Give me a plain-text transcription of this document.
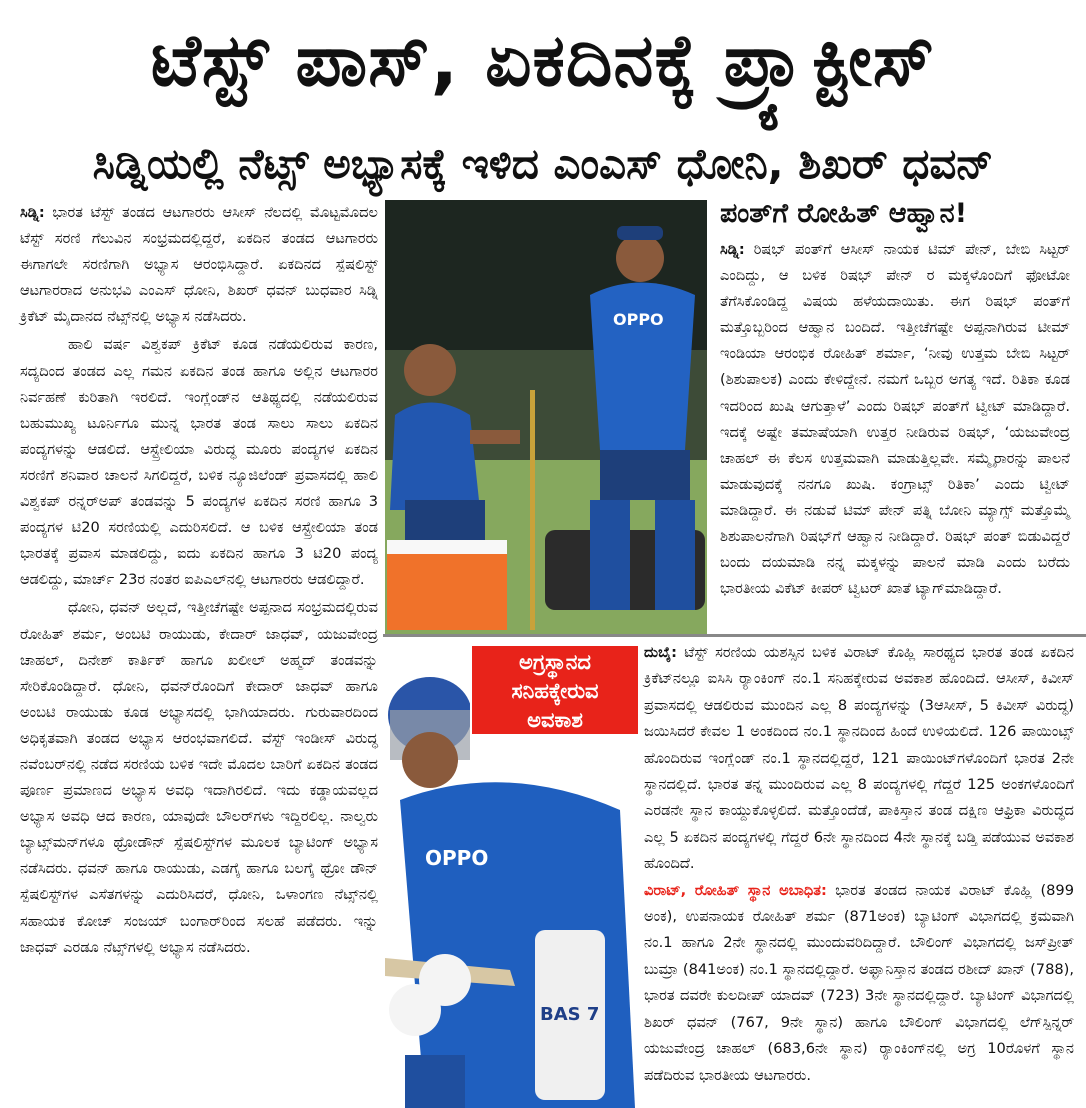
ಟೆಸ್ಟ್ ಪಾಸ್, ಏಕದಿನಕ್ಕೆ ಪ್ರ್ಯಾಕ್ಟೀಸ್
ಸಿಡ್ನಿಯಲ್ಲಿ ನೆಟ್ಸ್ ಅಭ್ಯಾಸಕ್ಕೆ ಇಳಿದ ಎಂಎಸ್ ಧೋನಿ, ಶಿಖರ್ ಧವನ್

ಸಿಡ್ನಿ: ಭಾರತ ಟೆಸ್ಟ್ ತಂಡದ ಆಟಗಾರರು ಆಸೀಸ್ ನೆಲದಲ್ಲಿ ಮೊಟ್ಟಮೊದಲ ಟೆಸ್ಟ್ ಸರಣಿ ಗೆಲುವಿನ ಸಂಭ್ರಮದಲ್ಲಿದ್ದರೆ, ಏಕದಿನ ತಂಡದ ಆಟಗಾರರು ಈಗಾಗಲೇ ಸರಣಿಗಾಗಿ ಅಭ್ಯಾಸ ಆರಂಭಿಸಿದ್ದಾರೆ. ಏಕದಿನದ ಸ್ಪೆಷಲಿಸ್ಟ್ ಆಟಗಾರರಾದ ಅನುಭವಿ ಎಂಎಸ್ ಧೋನಿ, ಶಿಖರ್ ಧವನ್ ಬುಧವಾರ ಸಿಡ್ನಿ ಕ್ರಿಕೆಟ್ ಮೈದಾನದ ನೆಟ್ಸ್‌ನಲ್ಲಿ ಅಭ್ಯಾಸ ನಡೆಸಿದರು.

ಹಾಲಿ ವರ್ಷ ವಿಶ್ವಕಪ್ ಕ್ರಿಕೆಟ್ ಕೂಡ ನಡೆಯಲಿರುವ ಕಾರಣ, ಸದ್ಯದಿಂದ ತಂಡದ ಎಲ್ಲ ಗಮನ ಏಕದಿನ ತಂಡ ಹಾಗೂ ಅಲ್ಲಿನ ಆಟಗಾರರ ನಿರ್ವಹಣೆ ಕುರಿತಾಗಿ ಇರಲಿದೆ. ಇಂಗ್ಲೆಂಡ್‌ನ ಆತಿಥ್ಯದಲ್ಲಿ ನಡೆಯಲಿರುವ ಬಹುಮುಖ್ಯ ಟೂರ್ನಿಗೂ ಮುನ್ನ ಭಾರತ ತಂಡ ಸಾಲು ಸಾಲು ಏಕದಿನ ಪಂದ್ಯಗಳನ್ನು ಆಡಲಿದೆ. ಆಸ್ಟ್ರೇಲಿಯಾ ವಿರುದ್ಧ ಮೂರು ಪಂದ್ಯಗಳ ಏಕದಿನ ಸರಣಿಗೆ ಶನಿವಾರ ಚಾಲನೆ ಸಿಗಲಿದ್ದರೆ, ಬಳಿಕ ನ್ಯೂಜಿಲೆಂಡ್ ಪ್ರವಾಸದಲ್ಲಿ ಹಾಲಿ ವಿಶ್ವಕಪ್ ರನ್ನರ್‌ಅಪ್ ತಂಡವನ್ನು 5 ಪಂದ್ಯಗಳ ಏಕದಿನ ಸರಣಿ ಹಾಗೂ 3 ಪಂದ್ಯಗಳ ಟಿ20 ಸರಣಿಯಲ್ಲಿ ಎದುರಿಸಲಿದೆ. ಆ ಬಳಿಕ ಆಸ್ಟ್ರೇಲಿಯಾ ತಂಡ ಭಾರತಕ್ಕೆ ಪ್ರವಾಸ ಮಾಡಲಿದ್ದು, ಐದು ಏಕದಿನ ಹಾಗೂ 3 ಟಿ20 ಪಂದ್ಯ ಆಡಲಿದ್ದು, ಮಾರ್ಚ್ 23ರ ನಂತರ ಐಪಿಎಲ್‌ನಲ್ಲಿ ಆಟಗಾರರು ಆಡಲಿದ್ದಾರೆ.

ಧೋನಿ, ಧವನ್ ಅಲ್ಲದೆ, ಇತ್ತೀಚೆಗಷ್ಟೇ ಅಪ್ಪನಾದ ಸಂಭ್ರಮದಲ್ಲಿರುವ ರೋಹಿತ್ ಶರ್ಮ, ಅಂಬಟಿ ರಾಯುಡು, ಕೇದಾರ್ ಜಾಧವ್, ಯಜುವೇಂದ್ರ ಚಾಹಲ್, ದಿನೇಶ್ ಕಾರ್ತಿಕ್ ಹಾಗೂ ಖಲೀಲ್ ಅಹ್ಮದ್ ತಂಡವನ್ನು ಸೇರಿಕೊಂಡಿದ್ದಾರೆ. ಧೋನಿ, ಧವನ್‌ರೊಂದಿಗೆ ಕೇದಾರ್ ಜಾಧವ್ ಹಾಗೂ ಅಂಬಟಿ ರಾಯುಡು ಕೂಡ ಅಭ್ಯಾಸದಲ್ಲಿ ಭಾಗಿಯಾದರು. ಗುರುವಾರದಿಂದ ಅಧಿಕೃತವಾಗಿ ತಂಡದ ಅಭ್ಯಾಸ ಆರಂಭವಾಗಲಿದೆ. ವೆಸ್ಟ್ ಇಂಡೀಸ್ ವಿರುದ್ಧ ನವೆಂಬರ್‌ನಲ್ಲಿ ನಡೆದ ಸರಣಿಯ ಬಳಿಕ ಇದೇ ಮೊದಲ ಬಾರಿಗೆ ಏಕದಿನ ತಂಡದ ಪೂರ್ಣ ಪ್ರಮಾಣದ ಅಭ್ಯಾಸ ಅವಧಿ ಇದಾಗಿರಲಿದೆ. ಇದು ಕಡ್ಡಾಯವಲ್ಲದ ಅಭ್ಯಾಸ ಅವಧಿ ಆದ ಕಾರಣ, ಯಾವುದೇ ಬೌಲರ್‌ಗಳು ಇದ್ದಿರಲಿಲ್ಲ. ನಾಲ್ವರು ಬ್ಯಾಟ್ಸ್‌ಮನ್‌ಗಳೂ ಥ್ರೋಡೌನ್ ಸ್ಪೆಷಲಿಸ್ಟ್‌ಗಳ ಮೂಲಕ ಬ್ಯಾಟಿಂಗ್ ಅಭ್ಯಾಸ ನಡೆಸಿದರು. ಧವನ್ ಹಾಗೂ ರಾಯುಡು, ಎಡಗೈ ಹಾಗೂ ಬಲಗೈ ಥ್ರೋ ಡೌನ್ ಸ್ಪೆಷಲಿಸ್ಟ್‌ಗಳ ಎಸೆತಗಳನ್ನು ಎದುರಿಸಿದರೆ, ಧೋನಿ, ಒಳಾಂಗಣ ನೆಟ್ಸ್‌ನಲ್ಲಿ ಸಹಾಯಕ ಕೋಚ್ ಸಂಜಯ್ ಬಂಗಾರ್‌ರಿಂದ ಸಲಹೆ ಪಡೆದರು. ಇನ್ನು ಜಾಧವ್ ಎರಡೂ ನೆಟ್ಸ್‌ಗಳಲ್ಲಿ ಅಭ್ಯಾಸ ನಡೆಸಿದರು.

OPPO
ಪಂತ್‌ಗೆ ರೋಹಿತ್ ಆಹ್ವಾನ!
ಸಿಡ್ನಿ: ರಿಷಭ್ ಪಂತ್‌ಗೆ ಆಸೀಸ್ ನಾಯಕ ಟಿಮ್ ಪೇನ್, ಬೇಬಿ ಸಿಟ್ಟರ್ ಎಂದಿದ್ದು, ಆ ಬಳಿಕ ರಿಷಭ್ ಪೇನ್ ರ ಮಕ್ಕಳೊಂದಿಗೆ ಫೋಟೋ ತೆಗೆಸಿಕೊಂಡಿದ್ದ ವಿಷಯ ಹಳೆಯದಾಯಿತು. ಈಗ ರಿಷಭ್ ಪಂತ್‌ಗೆ ಮತ್ತೊಬ್ಬರಿಂದ ಆಹ್ವಾನ ಬಂದಿದೆ. ಇತ್ತೀಚೆಗಷ್ಟೇ ಅಪ್ಪನಾಗಿರುವ ಟೀಮ್ ಇಂಡಿಯಾ ಆರಂಭಿಕ ರೋಹಿತ್ ಶರ್ಮಾ, ‘ನೀವು ಉತ್ತಮ ಬೇಬಿ ಸಿಟ್ಟರ್ (ಶಿಶುಪಾಲಕ) ಎಂದು ಕೇಳಿದ್ದೇನೆ. ನಮಗೆ ಒಬ್ಬರ ಅಗತ್ಯ ಇದೆ. ರಿತಿಕಾ ಕೂಡ ಇದರಿಂದ ಖುಷಿ ಆಗುತ್ತಾಳೆ’ ಎಂದು ರಿಷಭ್ ಪಂತ್‌ಗೆ ಟ್ವೀಟ್ ಮಾಡಿದ್ದಾರೆ. ಇದಕ್ಕೆ ಅಷ್ಟೇ ತಮಾಷೆಯಾಗಿ ಉತ್ತರ ನೀಡಿರುವ ರಿಷಭ್, ‘ಯಜುವೇಂದ್ರ ಚಾಹಲ್ ಈ ಕೆಲಸ ಉತ್ತಮವಾಗಿ ಮಾಡುತ್ತಿಲ್ಲವೇ. ಸಮ್ಮೈರಾರನ್ನು ಪಾಲನೆ ಮಾಡುವುದಕ್ಕೆ ನನಗೂ ಖುಷಿ. ಕಂಗ್ರಾಟ್ಸ್ ರಿತಿಕಾ’ ಎಂದು ಟ್ವೀಟ್ ಮಾಡಿದ್ದಾರೆ. ಈ ನಡುವೆ ಟಿಮ್ ಪೇನ್ ಪತ್ನಿ ಬೋನಿ ಮ್ಯಾಗ್ಸ್ ಮತ್ತೊಮ್ಮೆ ಶಿಶುಪಾಲನೆಗಾಗಿ ರಿಷಭ್‌ಗೆ ಆಹ್ವಾನ ನೀಡಿದ್ದಾರೆ. ರಿಷಭ್ ಪಂತ್ ಬಿಡುವಿದ್ದರೆ ಬಂದು ದಯಮಾಡಿ ನನ್ನ ಮಕ್ಕಳನ್ನು ಪಾಲನೆ ಮಾಡಿ ಎಂದು ಬರೆದು ಭಾರತೀಯ ವಿಕೆಟ್ ಕೀಪರ್ ಟ್ವಿಟರ್ ಖಾತೆ ಟ್ಯಾಗ್‌ಮಾಡಿದ್ದಾರೆ.
OPPO
BAS 7
ಅಗ್ರಸ್ಥಾನದ
ಸನಿಹಕ್ಕೇರುವ
ಅವಕಾಶ
ದುಬೈ: ಟೆಸ್ಟ್ ಸರಣಿಯ ಯಶಸ್ಸಿನ ಬಳಿಕ ವಿರಾಟ್ ಕೊಹ್ಲಿ ಸಾರಥ್ಯದ ಭಾರತ ತಂಡ ಏಕದಿನ ಕ್ರಿಕೆಟ್‌ನಲ್ಲೂ ಐಸಿಸಿ ರ‍್ಯಾಂಕಿಂಗ್ ನಂ.1 ಸನಿಹಕ್ಕೇರುವ ಅವಕಾಶ ಹೊಂದಿದೆ. ಆಸೀಸ್, ಕಿವೀಸ್ ಪ್ರವಾಸದಲ್ಲಿ ಆಡಲಿರುವ ಮುಂದಿನ ಎಲ್ಲ 8 ಪಂದ್ಯಗಳನ್ನು (3ಆಸೀಸ್, 5 ಕಿವೀಸ್ ವಿರುದ್ಧ) ಜಯಿಸಿದರೆ ಕೇವಲ 1 ಅಂಕದಿಂದ ನಂ.1 ಸ್ಥಾನದಿಂದ ಹಿಂದೆ ಉಳಿಯಲಿದೆ. 126 ಪಾಯಿಂಟ್ಸ್ ಹೊಂದಿರುವ ಇಂಗ್ಲೆಂಡ್ ನಂ.1 ಸ್ಥಾನದಲ್ಲಿದ್ದರೆ, 121 ಪಾಯಿಂಟ್‌ಗಳೊಂದಿಗೆ ಭಾರತ 2ನೇ ಸ್ಥಾನದಲ್ಲಿದೆ. ಭಾರತ ತನ್ನ ಮುಂದಿರುವ ಎಲ್ಲ 8 ಪಂದ್ಯಗಳಲ್ಲಿ ಗೆದ್ದರೆ 125 ಅಂಕಗಳೊಂದಿಗೆ ಎರಡನೇ ಸ್ಥಾನ ಕಾಯ್ದುಕೊಳ್ಳಲಿದೆ. ಮತ್ತೊಂದೆಡೆ, ಪಾಕಿಸ್ತಾನ ತಂಡ ದಕ್ಷಿಣ ಆಫ್ರಿಕಾ ವಿರುದ್ಧದ ಎಲ್ಲ 5 ಏಕದಿನ ಪಂದ್ಯಗಳಲ್ಲಿ ಗೆದ್ದರೆ 6ನೇ ಸ್ಥಾನದಿಂದ 4ನೇ ಸ್ಥಾನಕ್ಕೆ ಬಡ್ತಿ ಪಡೆಯುವ ಅವಕಾಶ ಹೊಂದಿದೆ.
ವಿರಾಟ್, ರೋಹಿತ್ ಸ್ಥಾನ ಅಬಾಧಿತ: ಭಾರತ ತಂಡದ ನಾಯಕ ವಿರಾಟ್ ಕೊಹ್ಲಿ (899 ಅಂಕ), ಉಪನಾಯಕ ರೋಹಿತ್ ಶರ್ಮ (871ಅಂಕ) ಬ್ಯಾಟಿಂಗ್ ವಿಭಾಗದಲ್ಲಿ ಕ್ರಮವಾಗಿ ನಂ.1 ಹಾಗೂ 2ನೇ ಸ್ಥಾನದಲ್ಲಿ ಮುಂದುವರಿದಿದ್ದಾರೆ. ಬೌಲಿಂಗ್ ವಿಭಾಗದಲ್ಲಿ ಜಸ್‌ಪ್ರೀತ್ ಬುಮ್ರಾ (841ಅಂಕ) ನಂ.1 ಸ್ಥಾನದಲ್ಲಿದ್ದಾರೆ. ಅಫ್ಘಾನಿಸ್ತಾನ ತಂಡದ ರಶೀದ್ ಖಾನ್ (788), ಭಾರತ ದವರೇ ಕುಲದೀಪ್ ಯಾದವ್ (723) 3ನೇ ಸ್ಥಾನದಲ್ಲಿದ್ದಾರೆ. ಬ್ಯಾಟಿಂಗ್ ವಿಭಾಗದಲ್ಲಿ ಶಿಖರ್ ಧವನ್ (767, 9ನೇ ಸ್ಥಾನ) ಹಾಗೂ ಬೌಲಿಂಗ್ ವಿಭಾಗದಲ್ಲಿ ಲೆಗ್‌ಸ್ಪಿನ್ನರ್ ಯಜುವೇಂದ್ರ ಚಾಹಲ್ (683,6ನೇ ಸ್ಥಾನ) ರ‍್ಯಾಂಕಿಂಗ್‌ನಲ್ಲಿ ಅಗ್ರ 10ರೊಳಗೆ ಸ್ಥಾನ ಪಡೆದಿರುವ ಭಾರತೀಯ ಆಟಗಾರರು.
